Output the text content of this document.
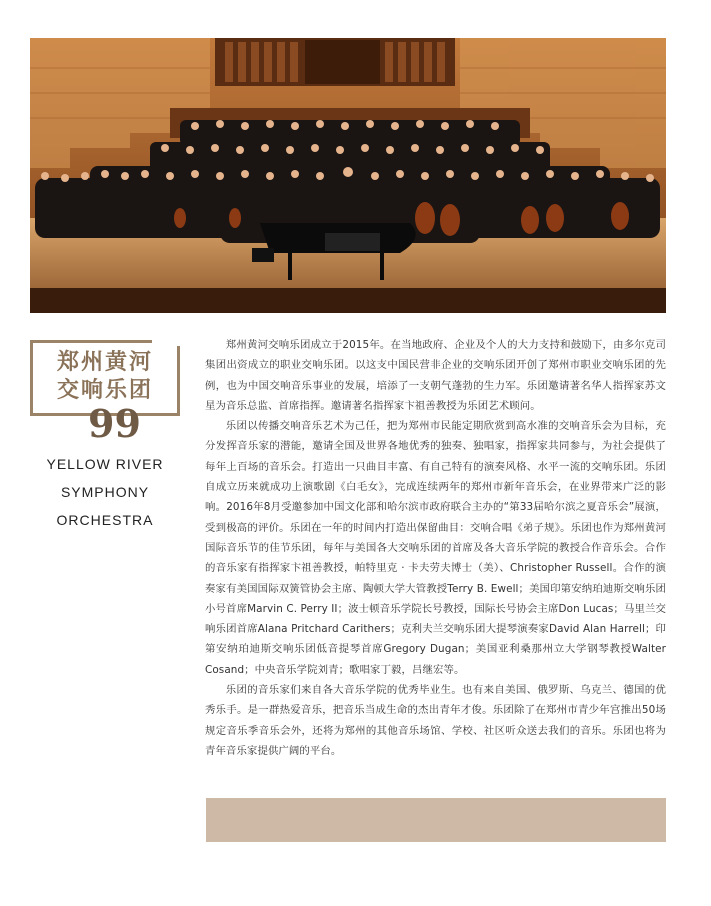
郑州黄河
交响乐团
99
YELLOW RIVER
SYMPHONY
ORCHESTRA

郑州黄河交响乐团成立于2015年。在当地政府、企业及个人的大力支持和鼓励下，由多尔克司集团出资成立的职业交响乐团。以这支中国民营非企业的交响乐团开创了郑州市职业交响乐团的先例，也为中国交响音乐事业的发展，培添了一支朝气蓬勃的生力军。乐团邀请著名华人指挥家苏文星为音乐总监、首席指挥。邀请著名指挥家卞祖善教授为乐团艺术顾问。

乐团以传播交响音乐艺术为己任，把为郑州市民能定期欣赏到高水准的交响音乐会为目标，充分发挥音乐家的潜能，邀请全国及世界各地优秀的独奏、独唱家，指挥家共同参与，为社会提供了每年上百场的音乐会。打造出一只曲目丰富、有自己特有的演奏风格、水平一流的交响乐团。乐团自成立历来就成功上演歌剧《白毛女》，完成连续两年的郑州市新年音乐会，在业界带来广泛的影响。2016年8月受邀参加中国文化部和哈尔滨市政府联合主办的“第33届哈尔滨之夏音乐会”展演，受到极高的评价。乐团在一年的时间内打造出保留曲目：交响合唱《弟子规》。乐团也作为郑州黄河国际音乐节的佳节乐团，每年与美国各大交响乐团的首席及各大音乐学院的教授合作音乐会。合作的音乐家有指挥家卞祖善教授，帕特里克 · 卡夫劳夫博士（美）、Christopher Russell。合作的演奏家有美国国际双簧管协会主席、陶顿大学大管教授Terry B. Ewell；美国印第安纳珀迪斯交响乐团小号首席Marvin C. Perry II；波士顿音乐学院长号教授，国际长号协会主席Don Lucas；马里兰交响乐团首席Alana Pritchard Carithers；克利夫兰交响乐团大提琴演奏家David Alan Harrell；印第安纳珀迪斯交响乐团低音提琴首席Gregory Dugan；美国亚利桑那州立大学钢琴教授Walter Cosand；中央音乐学院刘青；歌唱家丁毅，吕继宏等。

乐团的音乐家们来自各大音乐学院的优秀毕业生。也有来自美国、俄罗斯、乌克兰、德国的优秀乐手。是一群热爱音乐，把音乐当成生命的杰出青年才俊。乐团除了在郑州市青少年宫推出50场规定音乐季音乐会外，还将为郑州的其他音乐场馆、学校、社区听众送去我们的音乐。乐团也将为青年音乐家提供广阔的平台。
